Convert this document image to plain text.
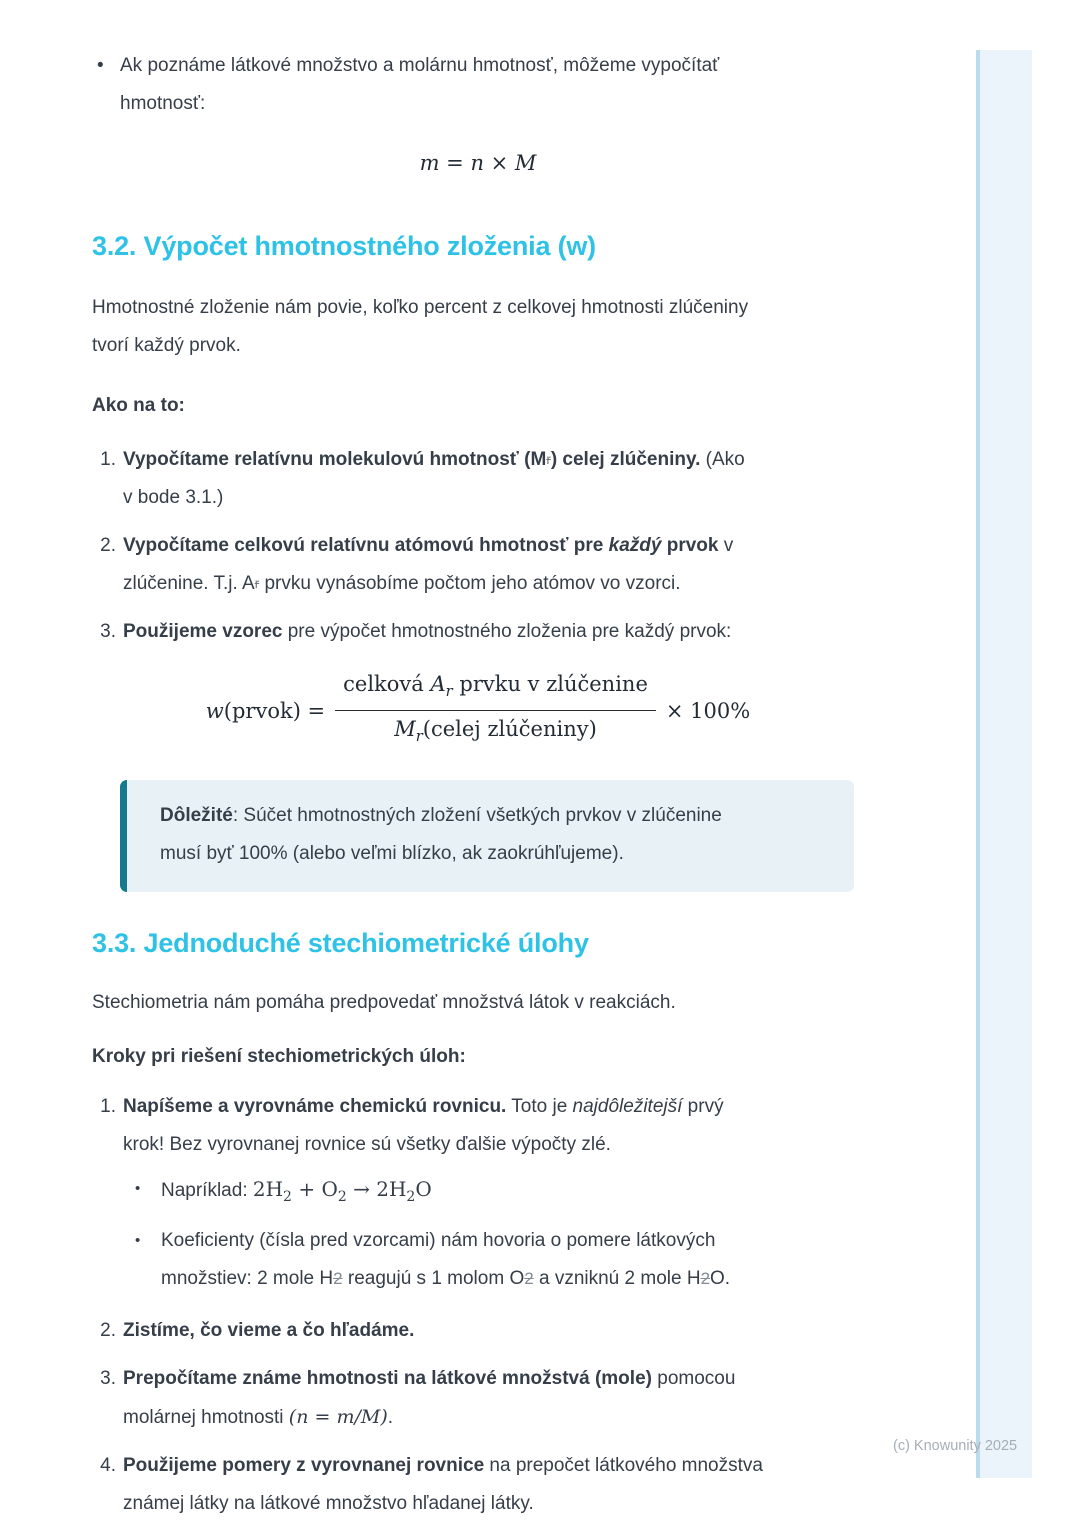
• Ak poznáme látkové množstvo a molárnu hmotnosť, môžeme vypočítať
hmotnosť:
m = n × M
3.2. Výpočet hmotnostného zloženia (w)

Hmotnostné zloženie nám povie, koľko percent z celkovej hmotnosti zlúčeniny
tvorí každý prvok.

Ako na to:
1. Vypočítame relatívnu molekulovú hmotnosť (Mr) celej zlúčeniny. (Ako
v bode 3.1.)
2. Vypočítame celkovú relatívnu atómovú hmotnosť pre každý prvok v
zlúčenine. T.j. Ar prvku vynásobíme počtom jeho atómov vo vzorci.
3. Použijeme vzorec pre výpočet hmotnostného zloženia pre každý prvok:
w(prvok) = $\frac{celková A_r prvku v zlúčenine}{M_r(celej zlúčeniny)} \times 100\%$
Dôležité: Súčet hmotnostných zložení všetkých prvkov v zlúčenine
musí byť 100% (alebo veľmi blízko, ak zaokrúhľujeme).
3.3. Jednoduché stechiometrické úlohy

Stechiometria nám pomáha predpovedať množstvá látok v reakciách.

Kroky pri riešení stechiometrických úloh:
1. Napíšeme a vyrovnáme chemickú rovnicu. Toto je najdôležitejší prvý
krok! Bez vyrovnanej rovnice sú všetky ďalšie výpočty zlé.
•	Napríklad: $2H_2 + O_2 \to 2H_2O$
•	Koeficienty (čísla pred vzorcami) nám hovoria o pomere látkových
množstiev: 2 mole H2 reagujú s 1 molom O2 a vzniknú 2 mole H2O.
2. Zistíme, čo vieme a čo hľadáme.
3. Prepočítame známe hmotnosti na látkové množstvá (mole) pomocou
molárnej hmotnosti (n = m/M).
4. Použijeme pomery z vyrovnanej rovnice na prepočet látkového množstva
známej látky na látkové množstvo hľadanej látky.
(c) Knowunity 2025
